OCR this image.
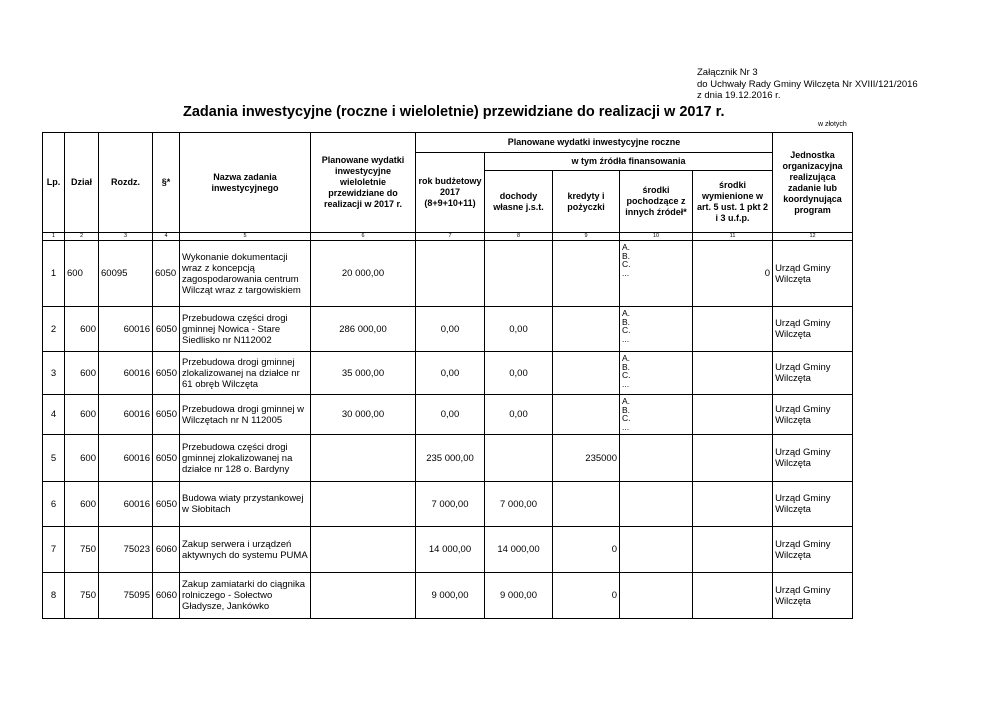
Załącznik Nr 3
do Uchwały Rady Gminy Wilczęta Nr XVIII/121/2016
z dnia 19.12.2016 r.
Zadania inwestycyjne (roczne i wieloletnie) przewidziane do realizacji w 2017 r.
w złotych
Lp.	Dział	Rozdz.	§*	Nazwa zadania inwestycyjnego	Planowane wydatki inwestycyjne wieloletnie przewidziane do realizacji w 2017 r.	Planowane wydatki inwestycyjne roczne					Jednostka organizacyjna realizująca zadanie lub koordynująca program
						rok budżetowy 2017 (8+9+10+11)	w tym źródła finansowania				
							dochody własne j.s.t.	kredyty i pożyczki	środki pochodzące z innych źródeł*	środki wymienione w art. 5 ust. 1 pkt 2 i 3 u.f.p.	
1	2	3	4	5	6	7	8	9	10	11	12
1	600	60095	6050	Wykonanie dokumentacji wraz z koncepcją zagospodarowania centrum Wilcząt wraz z targowiskiem	20 000,00				A.
B.
C.
...	0	Urząd Gminy Wilczęta
2	600	60016	6050	Przebudowa części drogi gminnej Nowica - Stare Siedlisko nr N112002	286 000,00	0,00	0,00		A.
B.
C.
...		Urząd Gminy Wilczęta
3	600	60016	6050	Przebudowa drogi gminnej zlokalizowanej na działce nr 61 obręb Wilczęta	35 000,00	0,00	0,00		A.
B.
C.
...		Urząd Gminy Wilczęta
4	600	60016	6050	Przebudowa drogi gminnej w Wilczętach nr N 112005	30 000,00	0,00	0,00		A.
B.
C.
...		Urząd Gminy Wilczęta
5	600	60016	6050	Przebudowa części drogi gminnej zlokalizowanej na działce nr 128 o. Bardyny		235 000,00		235000			Urząd Gminy Wilczęta
6	600	60016	6050	Budowa wiaty przystankowej w Słobitach		7 000,00	7 000,00				Urząd Gminy Wilczęta
7	750	75023	6060	Zakup serwera i urządzeń aktywnych do systemu PUMA		14 000,00	14 000,00	0			Urząd Gminy Wilczęta
8	750	75095	6060	Zakup zamiatarki do ciągnika rolniczego - Sołectwo Gładysze, Jankówko		9 000,00	9 000,00	0			Urząd Gminy Wilczęta
